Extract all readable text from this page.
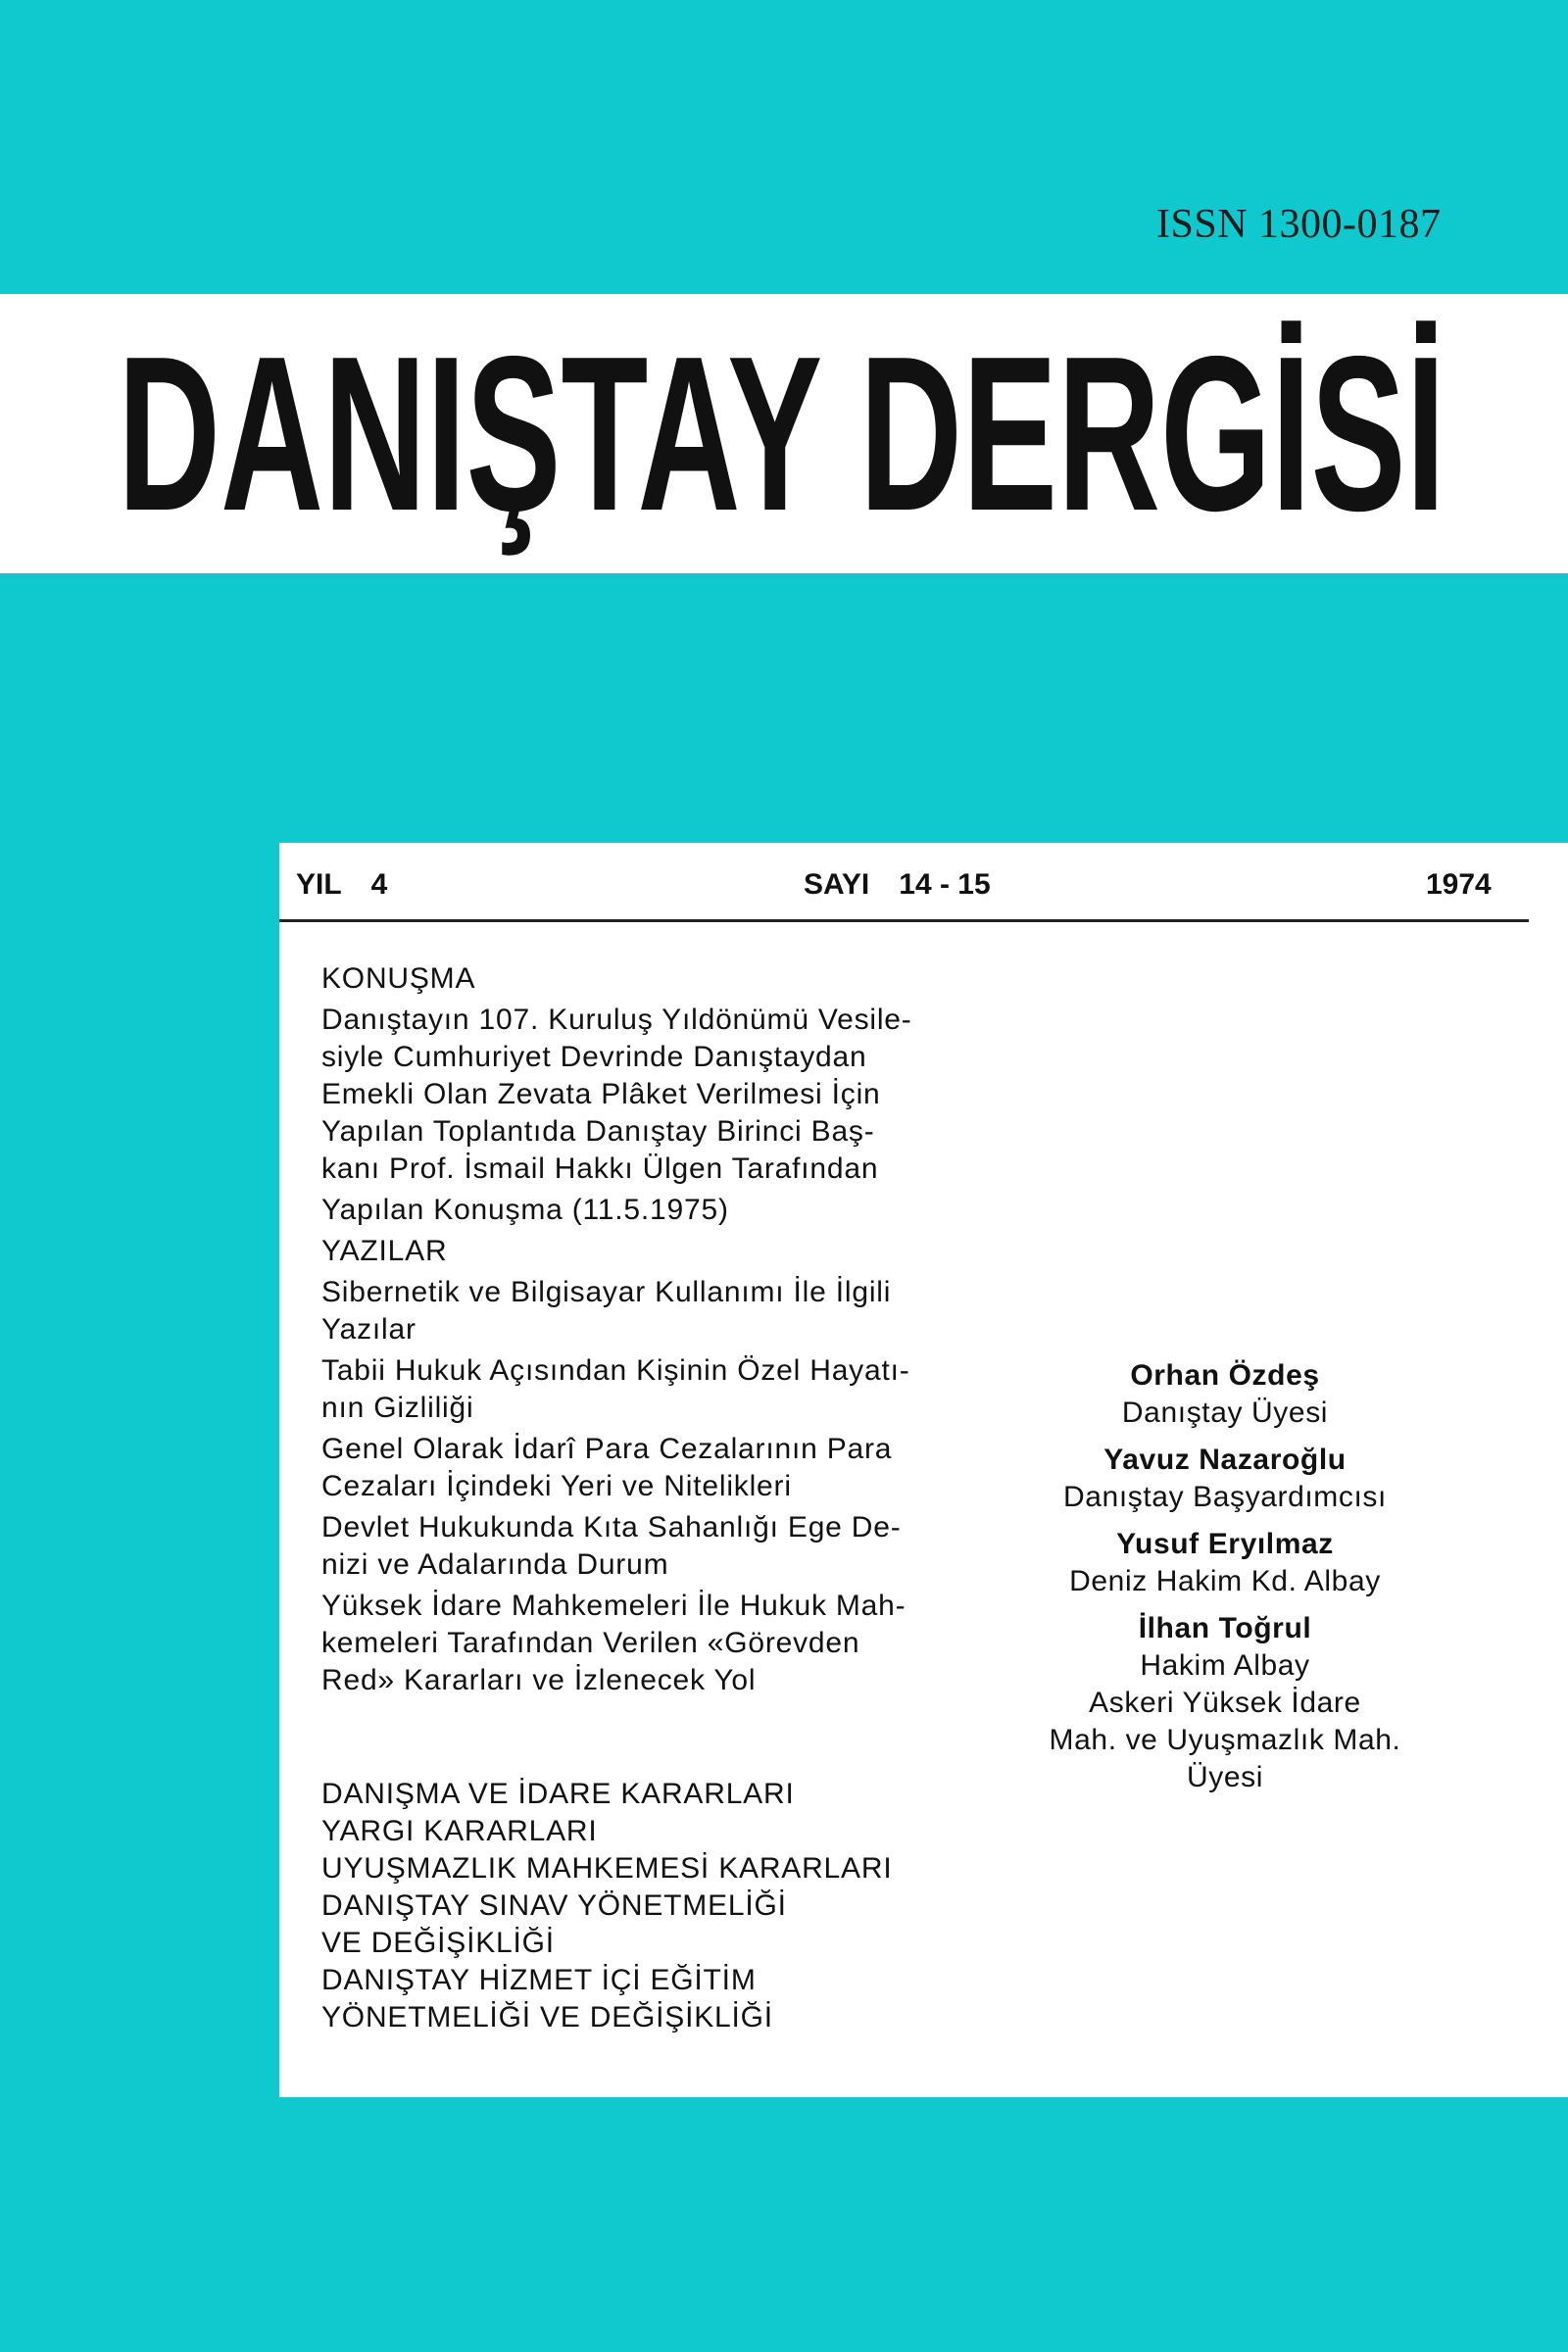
ISSN 1300-0187
DANIŞTAY DERGİSİ
YIL 4	SAYI 14 - 15	1974
KONUŞMA
Danıştayın 107. Kuruluş Yıldönümü Vesile-
siyle Cumhuriyet Devrinde Danıştaydan
Emekli Olan Zevata Plâket Verilmesi İçin
Yapılan Toplantıda Danıştay Birinci Baş-
kanı Prof. İsmail Hakkı Ülgen Tarafından
Yapılan Konuşma (11.5.1975)
YAZILAR
Sibernetik ve Bilgisayar Kullanımı İle İlgili
Yazılar
Tabii Hukuk Açısından Kişinin Özel Hayatı-
nın Gizliliği
Genel Olarak İdarî Para Cezalarının Para
Cezaları İçindeki Yeri ve Nitelikleri
Devlet Hukukunda Kıta Sahanlığı Ege De-
nizi ve Adalarında Durum
Yüksek İdare Mahkemeleri İle Hukuk Mah-
kemeleri Tarafından Verilen «Görevden
Red» Kararları ve İzlenecek Yol
DANIŞMA VE İDARE KARARLARI
YARGI KARARLARI
UYUŞMAZLIK MAHKEMESİ KARARLARI
DANIŞTAY SINAV YÖNETMELİĞİ
VE DEĞİŞİKLİĞİ
DANIŞTAY HİZMET İÇİ EĞİTİM
YÖNETMELİĞİ VE DEĞİŞİKLİĞİ
Orhan Özdeş
Danıştay Üyesi
Yavuz Nazaroğlu
Danıştay Başyardımcısı
Yusuf Eryılmaz
Deniz Hakim Kd. Albay
İlhan Toğrul
Hakim Albay
Askeri Yüksek İdare
Mah. ve Uyuşmazlık Mah.
Üyesi
